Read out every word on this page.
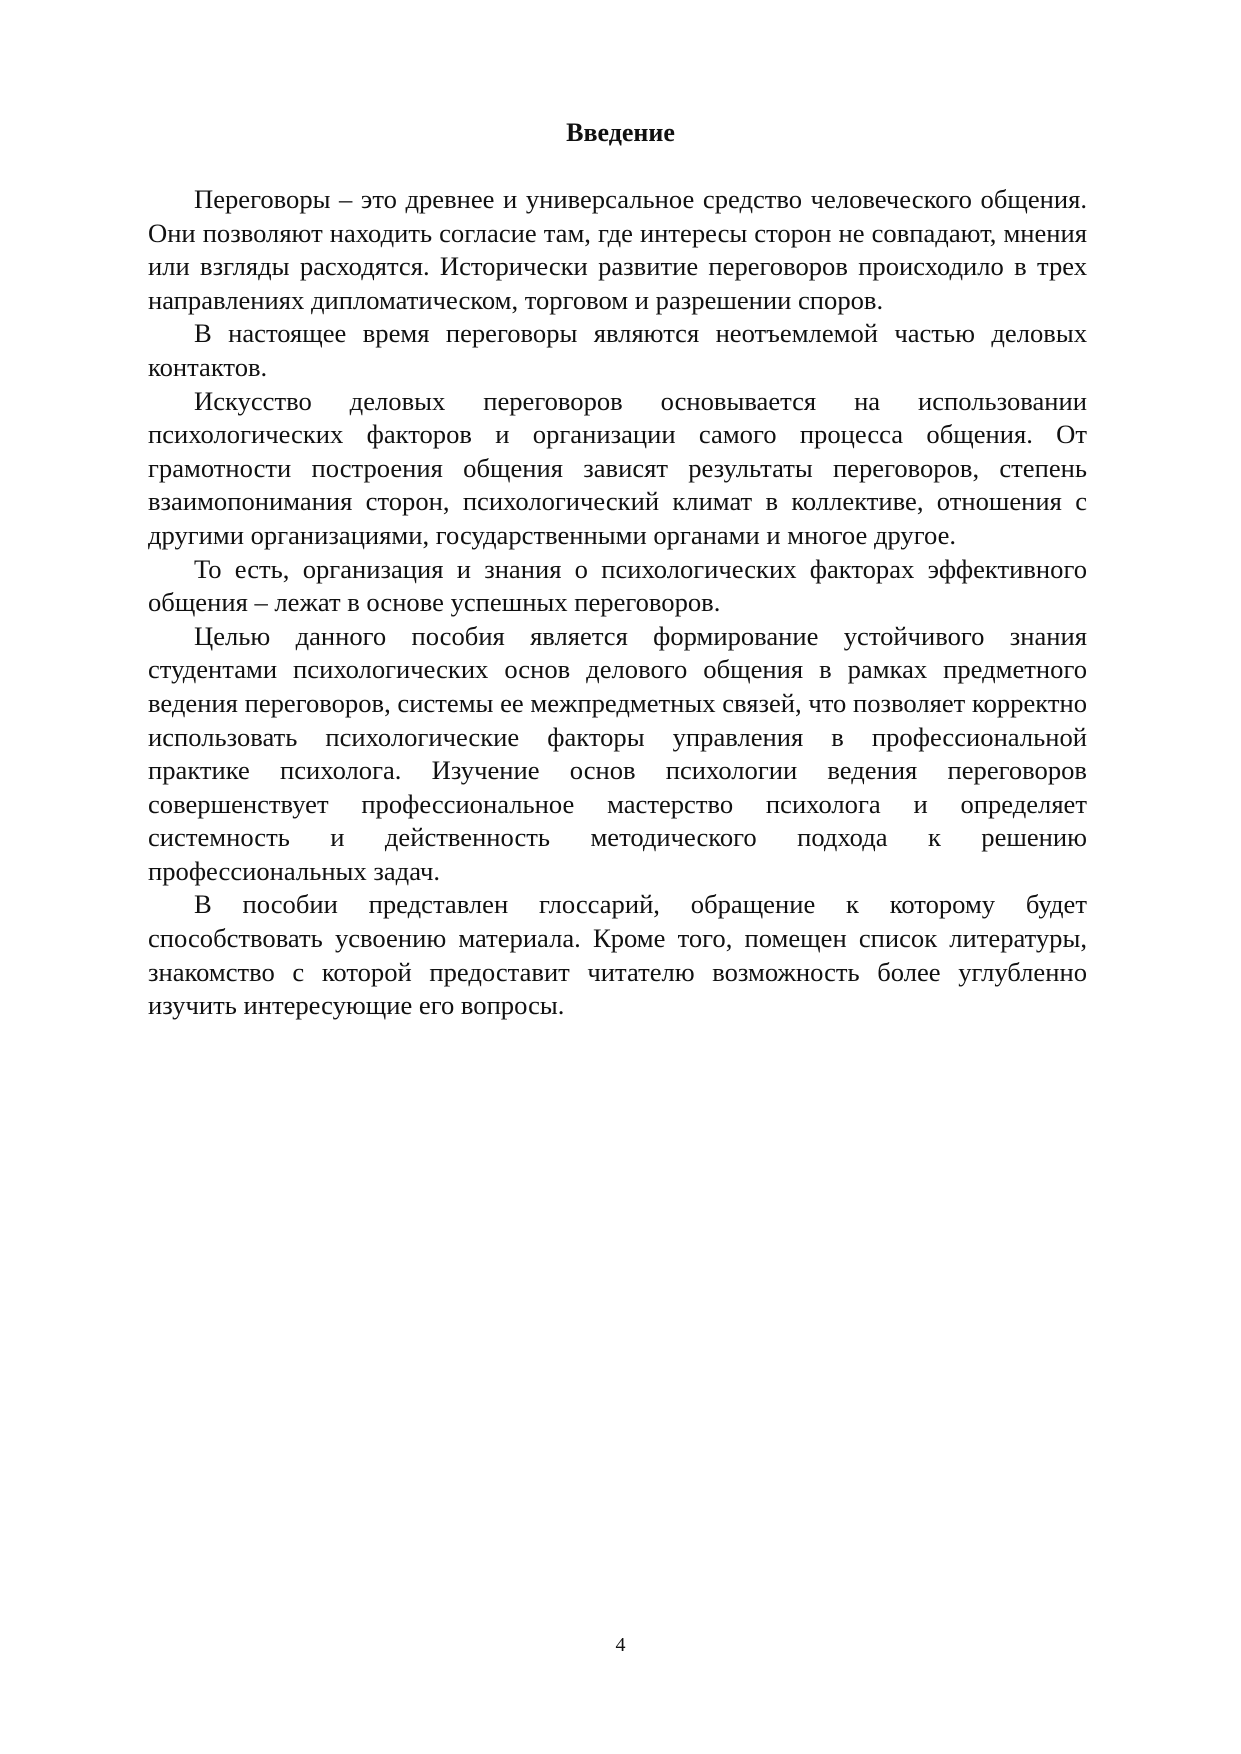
Введение

Переговоры – это древнее и универсальное средство человеческого общения. Они позволяют находить согласие там, где интересы сторон не совпадают, мнения или взгляды расходятся. Исторически развитие переговоров происходило в трех направлениях дипломатическом, торговом и разрешении споров.

В настоящее время переговоры являются неотъемлемой частью деловых контактов.

Искусство деловых переговоров основывается на использовании психологических факторов и организации самого процесса общения. От грамотности построения общения зависят результаты переговоров, степень взаимопонимания сторон, психологический климат в коллективе, отношения с другими организациями, государственными органами и многое другое.

То есть, организация и знания о психологических факторах эффективного общения – лежат в основе успешных переговоров.

Целью данного пособия является формирование устойчивого знания студентами психологических основ делового общения в рамках предметного ведения переговоров, системы ее межпредметных связей, что позволяет корректно использовать психологические факторы управления в профессиональной практике психолога. Изучение основ психологии ведения переговоров совершенствует профессиональное мастерство психолога и определяет системность и действенность методического подхода к решению профессиональных задач.

В пособии представлен глоссарий, обращение к которому будет способствовать усвоению материала. Кроме того, помещен список литературы, знакомство с которой предоставит читателю возможность более углубленно изучить интересующие его вопросы.

4
